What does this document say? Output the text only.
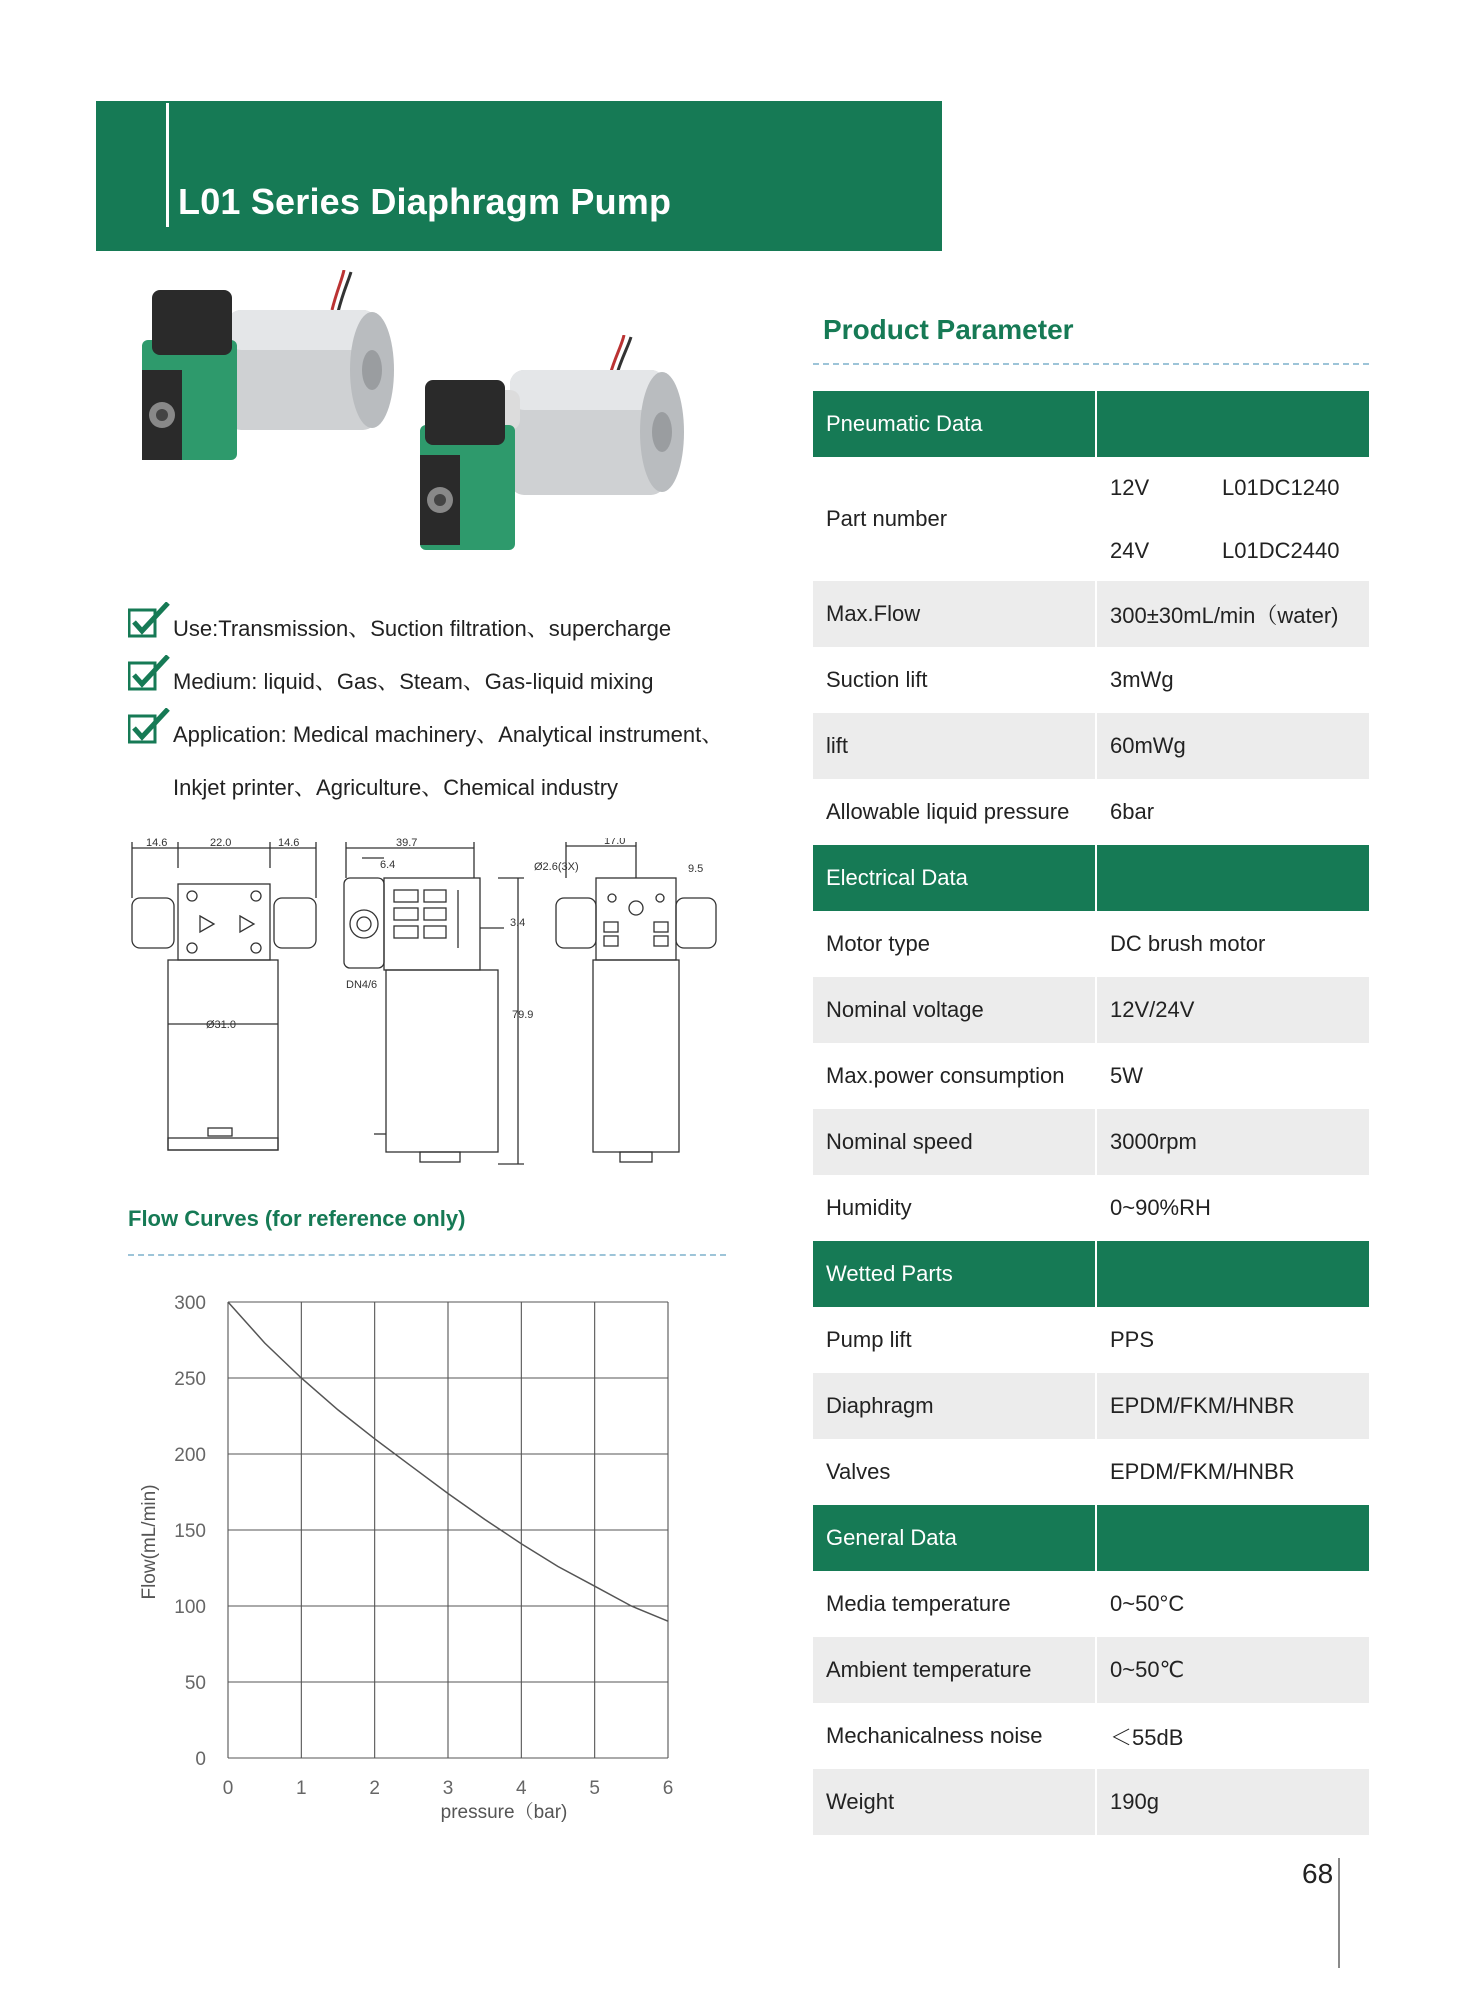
L01 Series Diaphragm Pump
Use:Transmission、Suction filtration、supercharge
Medium: liquid、Gas、Steam、Gas-liquid mixing
Application: Medical machinery、Analytical instrument、
Inkjet printer、Agriculture、Chemical industry
14.6	22.0	14.6	39.7
6.4	Ø2.6(3X)
17.0
9.5
3.4
DN4/6
79.9
Ø31.0
Flow Curves (for reference only)
0
50
100
150
200
250
300
0	1	2	3	4	5	6
Flow(mL/min)
pressure（bar)
Product Parameter
Pneumatic Data
Part number
12V	L01DC1240
24V	L01DC2440
Max.Flow	300±30mL/min（water)
Suction lift	3mWg
lift	60mWg
Allowable liquid pressure	6bar
Electrical Data
Motor type	DC brush motor
Nominal voltage	12V/24V
Max.power consumption	5W
Nominal speed	3000rpm
Humidity	0~90%RH
Wetted Parts
Pump lift	PPS
Diaphragm	EPDM/FKM/HNBR
Valves	EPDM/FKM/HNBR
General Data
Media temperature	0~50°C
Ambient temperature	0~50℃
Mechanicalness noise	＜55dB
Weight	190g
68
